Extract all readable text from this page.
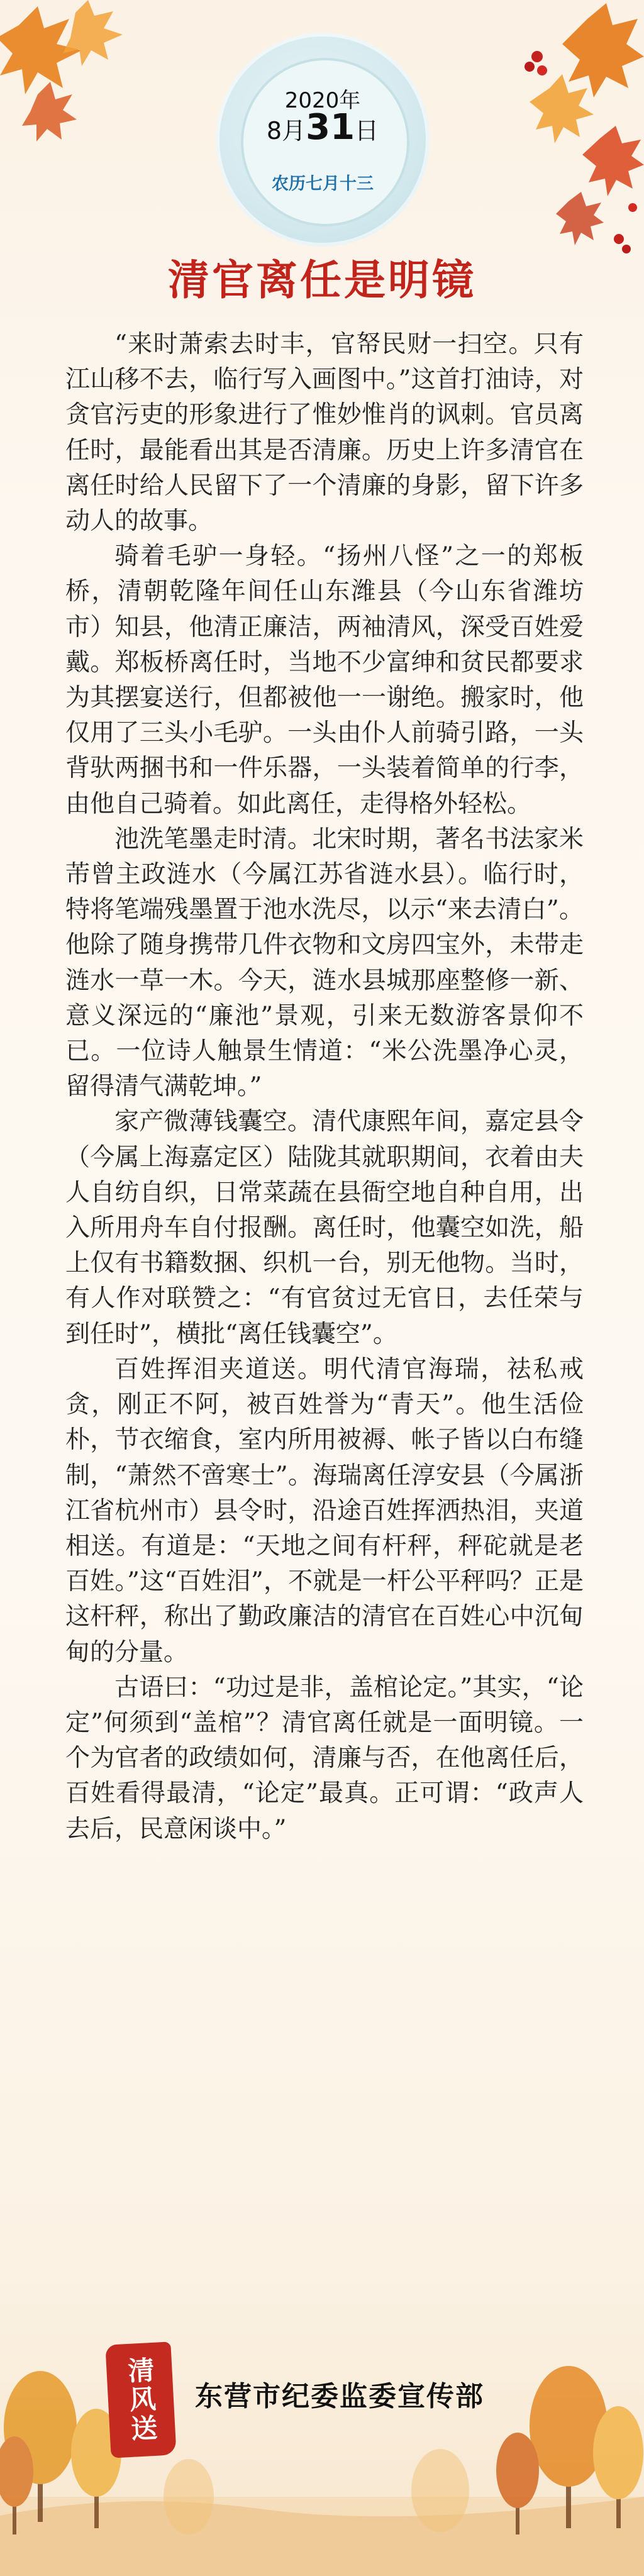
2020年
8月31日
农历七月十三
清官离任是明镜

“来时萧索去时丰，官帑民财一扫空。只有江山移不去，临行写入画图中。”这首打油诗，对贪官污吏的形象进行了惟妙惟肖的讽刺。官员离任时，最能看出其是否清廉。历史上许多清官在离任时给人民留下了一个清廉的身影，留下许多动人的故事。

骑着毛驴一身轻。“扬州八怪”之一的郑板桥，清朝乾隆年间任山东潍县（今山东省潍坊市）知县，他清正廉洁，两袖清风，深受百姓爱戴。郑板桥离任时，当地不少富绅和贫民都要求为其摆宴送行，但都被他一一谢绝。搬家时，他仅用了三头小毛驴。一头由仆人前骑引路，一头背驮两捆书和一件乐器，一头装着简单的行李，由他自己骑着。如此离任，走得格外轻松。

池洗笔墨走时清。北宋时期，著名书法家米芾曾主政涟水（今属江苏省涟水县）。临行时，特将笔端残墨置于池水洗尽，以示“来去清白”。他除了随身携带几件衣物和文房四宝外，未带走涟水一草一木。今天，涟水县城那座整修一新、意义深远的“廉池”景观，引来无数游客景仰不已。一位诗人触景生情道：“米公洗墨净心灵，留得清气满乾坤。”

家产微薄钱囊空。清代康熙年间，嘉定县令（今属上海嘉定区）陆陇其就职期间，衣着由夫人自纺自织，日常菜蔬在县衙空地自种自用，出入所用舟车自付报酬。离任时，他囊空如洗，船上仅有书籍数捆、织机一台，别无他物。当时，有人作对联赞之：“有官贫过无官日，去任荣与到任时”，横批“离任钱囊空”。

百姓挥泪夹道送。明代清官海瑞，祛私戒贪，刚正不阿，被百姓誉为“青天”。他生活俭朴，节衣缩食，室内所用被褥、帐子皆以白布缝制，“萧然不啻寒士”。海瑞离任淳安县（今属浙江省杭州市）县令时，沿途百姓挥洒热泪，夹道相送。有道是：“天地之间有杆秤，秤砣就是老百姓。”这“百姓泪”，不就是一杆公平秤吗？正是这杆秤，称出了勤政廉洁的清官在百姓心中沉甸甸的分量。

古语曰：“功过是非，盖棺论定。”其实，“论定”何须到“盖棺”？清官离任就是一面明镜。一个为官者的政绩如何，清廉与否，在他离任后，百姓看得最清，“论定”最真。正可谓：“政声人去后，民意闲谈中。”

清风送	东营市纪委监委宣传部
